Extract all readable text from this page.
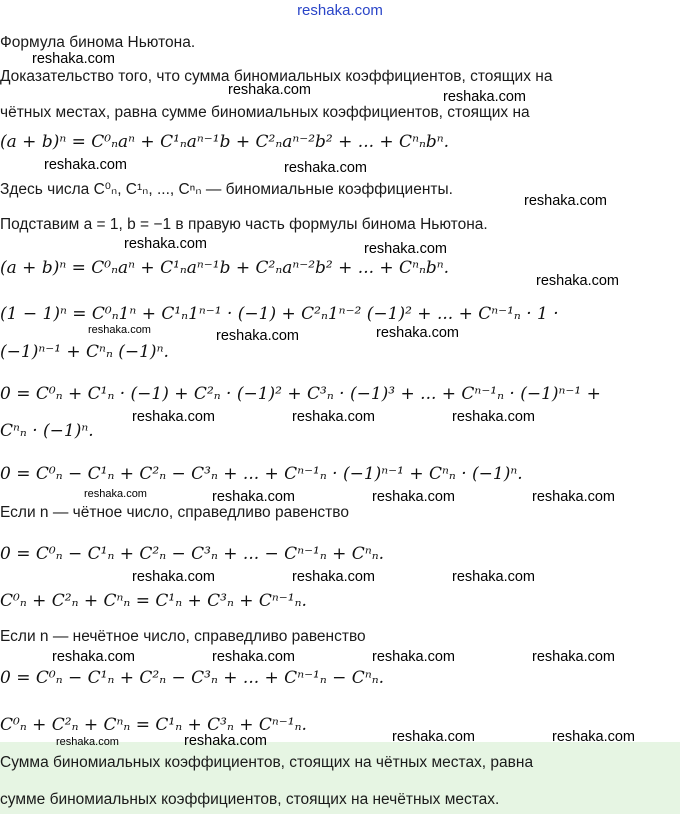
reshaka.com
Формула бинома Ньютона.
Доказательство того, что сумма биномиальных коэффициентов, стоящих на
чётных местах, равна сумме биномиальных коэффициентов, стоящих на
(a + b)ⁿ = C⁰ₙaⁿ + C¹ₙaⁿ⁻¹b + C²ₙaⁿ⁻²b² + ... + Cⁿₙbⁿ.
Здесь числа C⁰ₙ, C¹ₙ, ..., Cⁿₙ — биномиальные коэффициенты.
Подставим a = 1, b = −1 в правую часть формулы бинома Ньютона.
(a + b)ⁿ = C⁰ₙaⁿ + C¹ₙaⁿ⁻¹b + C²ₙaⁿ⁻²b² + ... + Cⁿₙbⁿ.
(1 − 1)ⁿ = C⁰ₙ1ⁿ + C¹ₙ1ⁿ⁻¹ · (−1) + C²ₙ1ⁿ⁻² (−1)² + ... + Cⁿ⁻¹ₙ · 1 ·
(−1)ⁿ⁻¹ + Cⁿₙ (−1)ⁿ.
0 = C⁰ₙ + C¹ₙ · (−1) + C²ₙ · (−1)² + C³ₙ · (−1)³ + ... + Cⁿ⁻¹ₙ · (−1)ⁿ⁻¹ +
Cⁿₙ · (−1)ⁿ.
0 = C⁰ₙ − C¹ₙ + C²ₙ − C³ₙ + ... + Cⁿ⁻¹ₙ · (−1)ⁿ⁻¹ + Cⁿₙ · (−1)ⁿ.
Если n — чётное число, справедливо равенство
0 = C⁰ₙ − C¹ₙ + C²ₙ − C³ₙ + ... − Cⁿ⁻¹ₙ + Cⁿₙ.
C⁰ₙ + C²ₙ + Cⁿₙ = C¹ₙ + C³ₙ + Cⁿ⁻¹ₙ.
Если n — нечётное число, справедливо равенство
0 = C⁰ₙ − C¹ₙ + C²ₙ − C³ₙ + ... + Cⁿ⁻¹ₙ − Cⁿₙ.
C⁰ₙ + C²ₙ + Cⁿₙ = C¹ₙ + C³ₙ + Cⁿ⁻¹ₙ.
Сумма биномиальных коэффициентов, стоящих на чётных местах, равна
сумме биномиальных коэффициентов, стоящих на нечётных местах.
reshaka.com
reshaka.com	reshaka.com
reshaka.com	reshaka.com
reshaka.com
reshaka.com	reshaka.com
reshaka.com
reshaka.com	reshaka.com	reshaka.com
reshaka.com	reshaka.com	reshaka.com
reshaka.com	reshaka.com	reshaka.com	reshaka.com
reshaka.com	reshaka.com	reshaka.com
reshaka.com	reshaka.com	reshaka.com	reshaka.com
reshaka.com	reshaka.com	reshaka.com	reshaka.com
